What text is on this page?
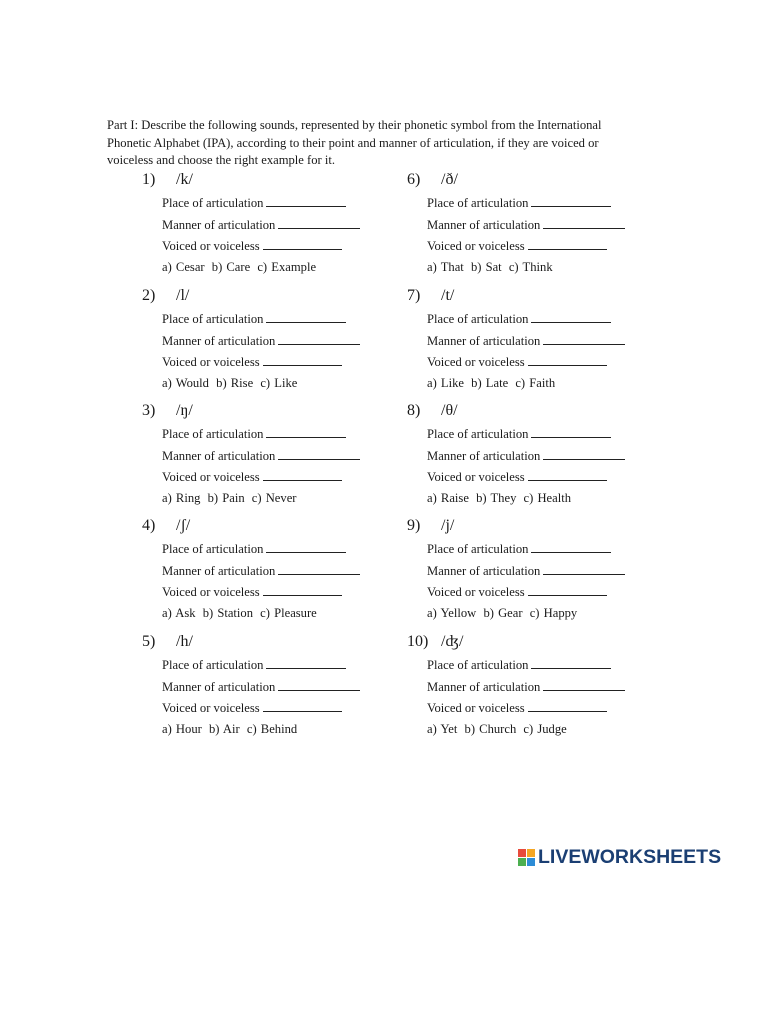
Part I: Describe the following sounds, represented by their phonetic symbol from the International Phonetic Alphabet (IPA), according to their point and manner of articulation, if they are voiced or voiceless and choose the right example for it.
1) /k/
Place of articulation
Manner of articulation
Voiced or voiceless
a) Cesar b) Care c) Example
2) /l/
Place of articulation
Manner of articulation
Voiced or voiceless
a) Would b) Rise c) Like
3) /ŋ/
Place of articulation
Manner of articulation
Voiced or voiceless
a) Ring b) Pain c) Never
4) /ʃ/
Place of articulation
Manner of articulation
Voiced or voiceless
a) Ask b) Station c) Pleasure
5) /h/
Place of articulation
Manner of articulation
Voiced or voiceless
a) Hour b) Air c) Behind
6) /ð/
Place of articulation
Manner of articulation
Voiced or voiceless
a) That b) Sat c) Think
7) /t/
Place of articulation
Manner of articulation
Voiced or voiceless
a) Like b) Late c) Faith
8) /θ/
Place of articulation
Manner of articulation
Voiced or voiceless
a) Raise b) They c) Health
9) /j/
Place of articulation
Manner of articulation
Voiced or voiceless
a) Yellow b) Gear c) Happy
10) /ʤ/
Place of articulation
Manner of articulation
Voiced or voiceless
a) Yet b) Church c) Judge
LIVEWORKSHEETS
